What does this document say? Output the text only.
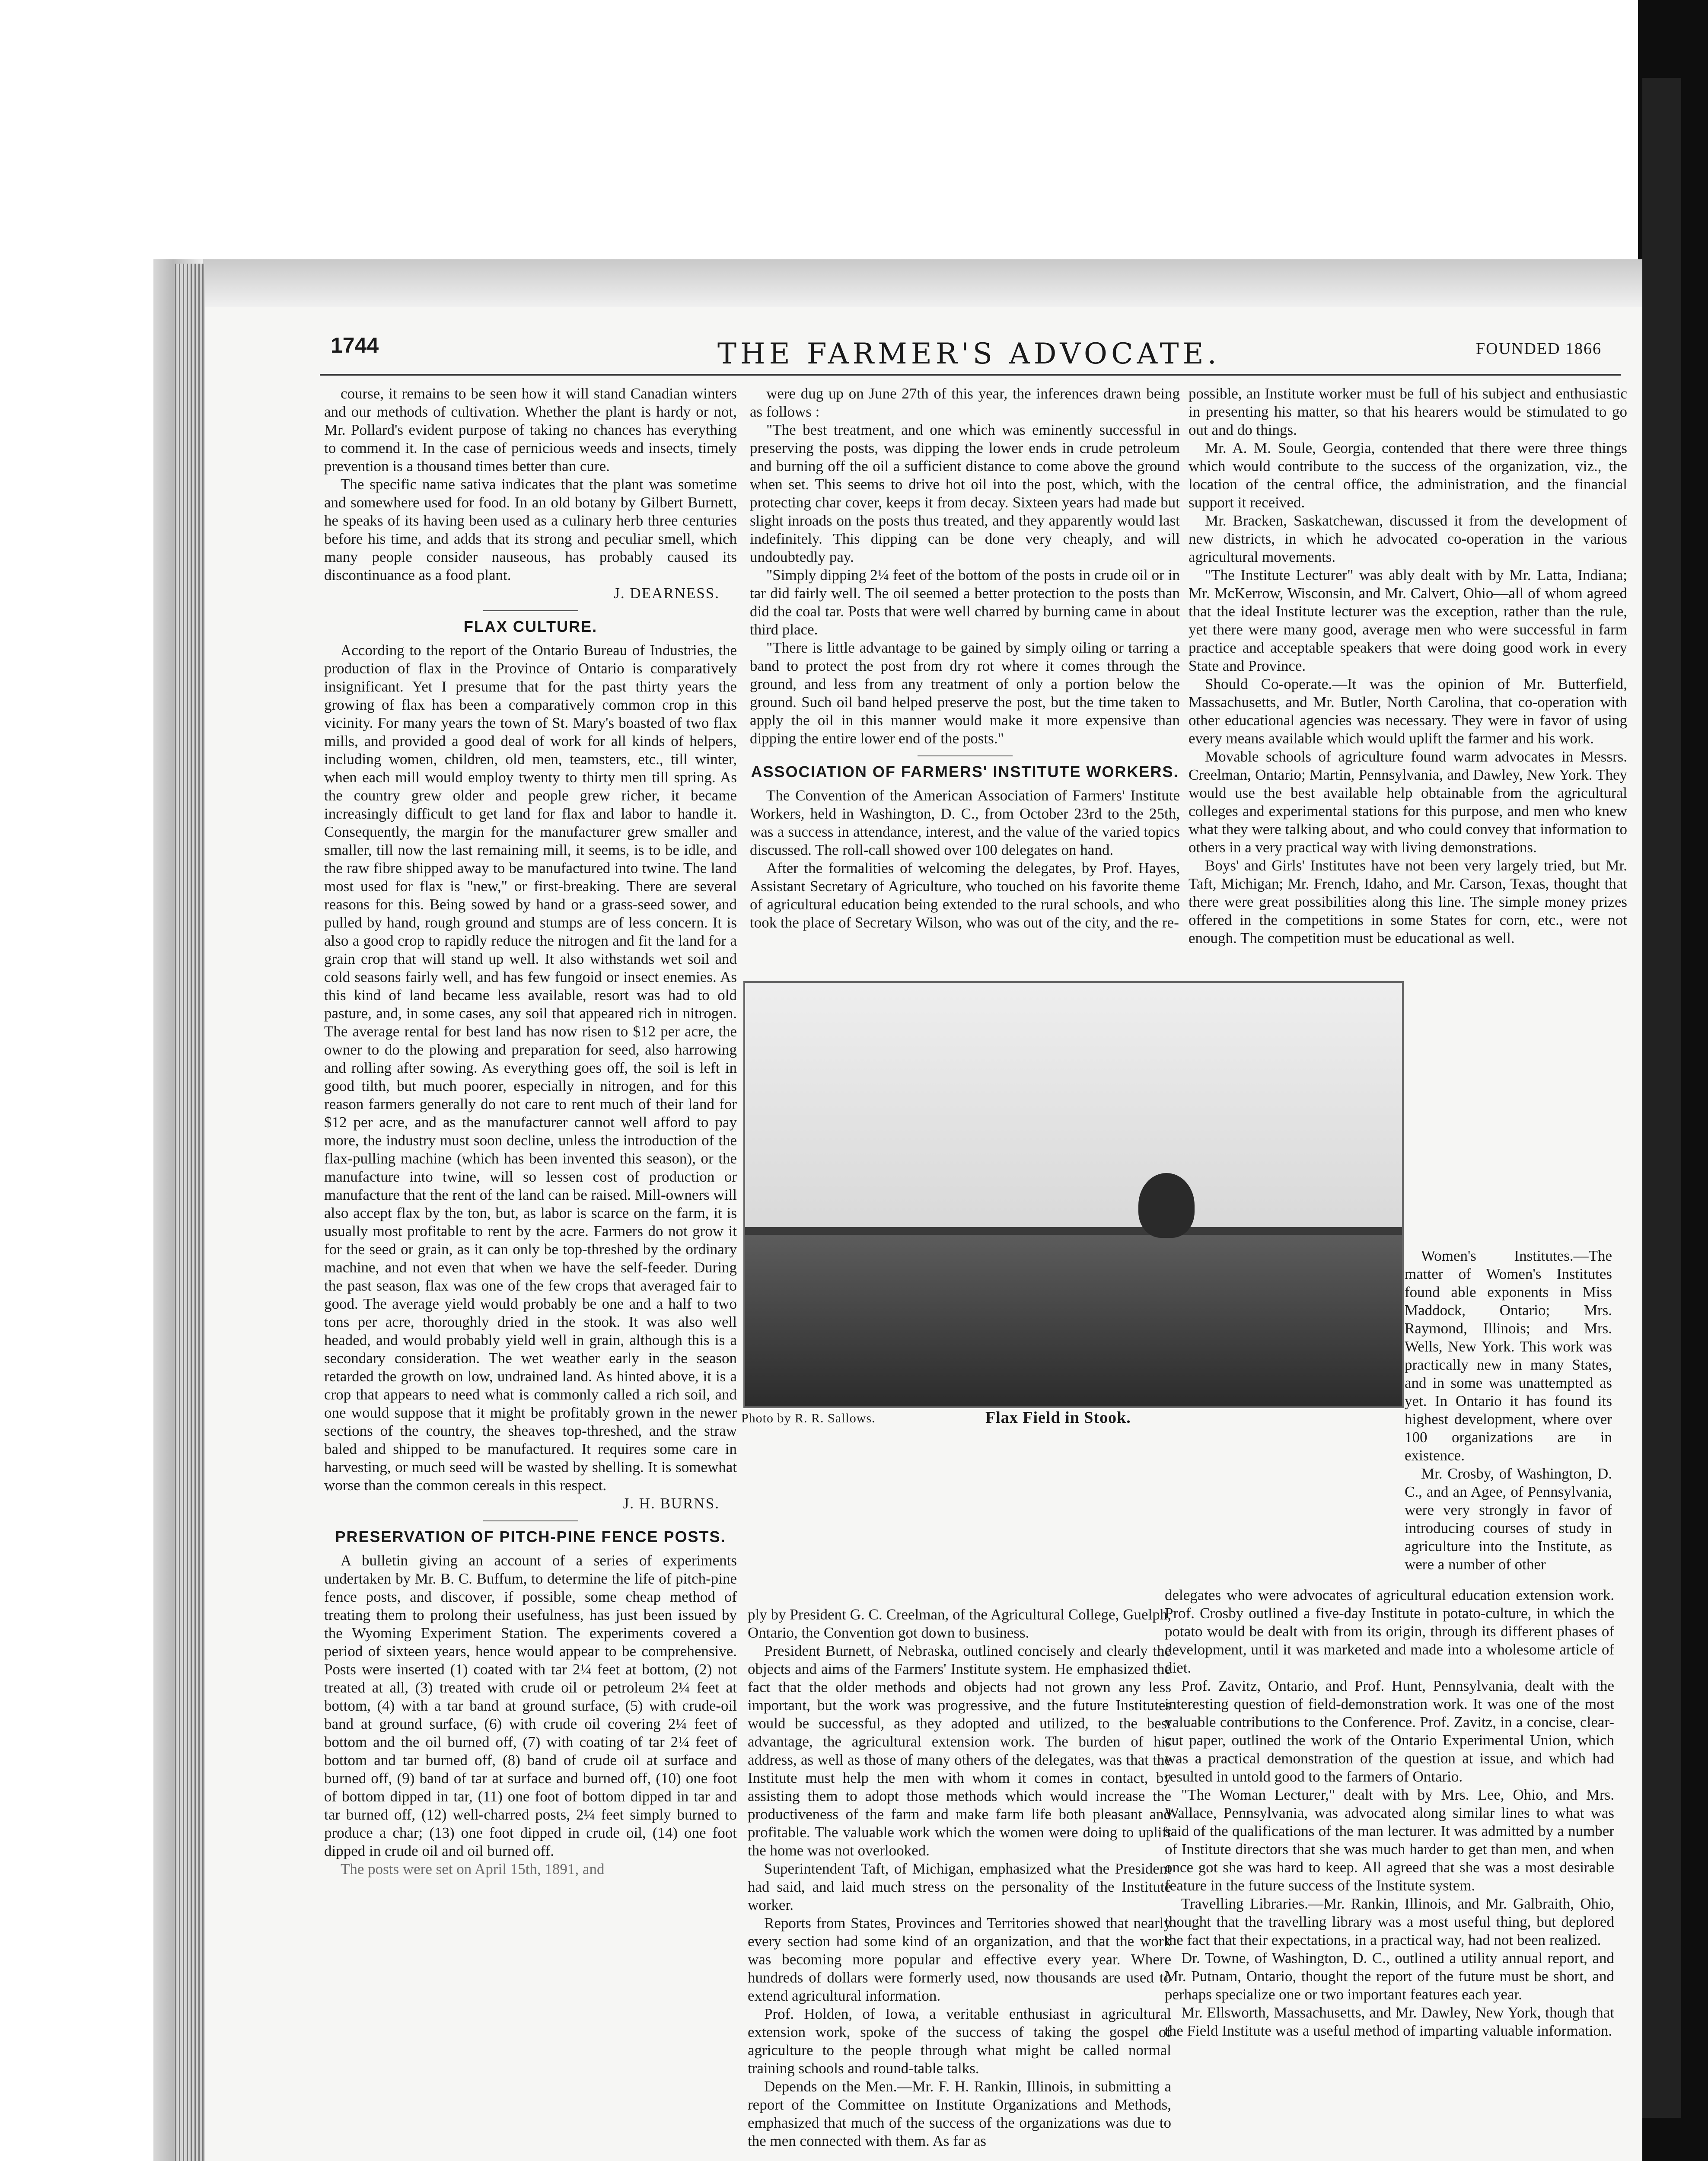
1744	THE FARMER'S ADVOCATE.	FOUNDED 1866

course, it remains to be seen how it will stand Canadian winters and our methods of cultivation. Whether the plant is hardy or not, Mr. Pollard's evident purpose of taking no chances has everything to commend it. In the case of pernicious weeds and insects, timely prevention is a thousand times better than cure.

The specific name sativa indicates that the plant was sometime and somewhere used for food. In an old botany by Gilbert Burnett, he speaks of its having been used as a culinary herb three centuries before his time, and adds that its strong and peculiar smell, which many people consider nauseous, has probably caused its discontinuance as a food plant.

J. DEARNESS.
FLAX CULTURE.

According to the report of the Ontario Bureau of Industries, the production of flax in the Province of Ontario is comparatively insignificant. Yet I presume that for the past thirty years the growing of flax has been a comparatively common crop in this vicinity. For many years the town of St. Mary's boasted of two flax mills, and provided a good deal of work for all kinds of helpers, including women, children, old men, teamsters, etc., till winter, when each mill would employ twenty to thirty men till spring. As the country grew older and people grew richer, it became increasingly difficult to get land for flax and labor to handle it. Consequently, the margin for the manufacturer grew smaller and smaller, till now the last remaining mill, it seems, is to be idle, and the raw fibre shipped away to be manufactured into twine. The land most used for flax is "new," or first-breaking. There are several reasons for this. Being sowed by hand or a grass-seed sower, and pulled by hand, rough ground and stumps are of less concern. It is also a good crop to rapidly reduce the nitrogen and fit the land for a grain crop that will stand up well. It also withstands wet soil and cold seasons fairly well, and has few fungoid or insect enemies. As this kind of land became less available, resort was had to old pasture, and, in some cases, any soil that appeared rich in nitrogen. The average rental for best land has now risen to $12 per acre, the owner to do the plowing and preparation for seed, also harrowing and rolling after sowing. As everything goes off, the soil is left in good tilth, but much poorer, especially in nitrogen, and for this reason farmers generally do not care to rent much of their land for $12 per acre, and as the manufacturer cannot well afford to pay more, the industry must soon decline, unless the introduction of the flax-pulling machine (which has been invented this season), or the manufacture into twine, will so lessen cost of production or manufacture that the rent of the land can be raised. Mill-owners will also accept flax by the ton, but, as labor is scarce on the farm, it is usually most profitable to rent by the acre. Farmers do not grow it for the seed or grain, as it can only be top-threshed by the ordinary machine, and not even that when we have the self-feeder. During the past season, flax was one of the few crops that averaged fair to good. The average yield would probably be one and a half to two tons per acre, thoroughly dried in the stook. It was also well headed, and would probably yield well in grain, although this is a secondary consideration. The wet weather early in the season retarded the growth on low, undrained land. As hinted above, it is a crop that appears to need what is commonly called a rich soil, and one would suppose that it might be profitably grown in the newer sections of the country, the sheaves top-threshed, and the straw baled and shipped to be manufactured. It requires some care in harvesting, or much seed will be wasted by shelling. It is somewhat worse than the common cereals in this respect.

J. H. BURNS.
PRESERVATION OF PITCH-PINE FENCE POSTS.

A bulletin giving an account of a series of experiments undertaken by Mr. B. C. Buffum, to determine the life of pitch-pine fence posts, and discover, if possible, some cheap method of treating them to prolong their usefulness, has just been issued by the Wyoming Experiment Station. The experiments covered a period of sixteen years, hence would appear to be comprehensive. Posts were inserted (1) coated with tar 2¼ feet at bottom, (2) not treated at all, (3) treated with crude oil or petroleum 2¼ feet at bottom, (4) with a tar band at ground surface, (5) with crude-oil band at ground surface, (6) with crude oil covering 2¼ feet of bottom and the oil burned off, (7) with coating of tar 2¼ feet of bottom and tar burned off, (8) band of crude oil at surface and burned off, (9) band of tar at surface and burned off, (10) one foot of bottom dipped in tar, (11) one foot of bottom dipped in tar and tar burned off, (12) well-charred posts, 2¼ feet simply burned to produce a char; (13) one foot dipped in crude oil, (14) one foot dipped in crude oil and oil burned off.

The posts were set on April 15th, 1891, and

were dug up on June 27th of this year, the inferences drawn being as follows :

"The best treatment, and one which was eminently successful in preserving the posts, was dipping the lower ends in crude petroleum and burning off the oil a sufficient distance to come above the ground when set. This seems to drive hot oil into the post, which, with the protecting char cover, keeps it from decay. Sixteen years had made but slight inroads on the posts thus treated, and they apparently would last indefinitely. This dipping can be done very cheaply, and will undoubtedly pay.

"Simply dipping 2¼ feet of the bottom of the posts in crude oil or in tar did fairly well. The oil seemed a better protection to the posts than did the coal tar. Posts that were well charred by burning came in about third place.

"There is little advantage to be gained by simply oiling or tarring a band to protect the post from dry rot where it comes through the ground, and less from any treatment of only a portion below the ground. Such oil band helped preserve the post, but the time taken to apply the oil in this manner would make it more expensive than dipping the entire lower end of the posts."

ASSOCIATION OF FARMERS' INSTITUTE WORKERS.

The Convention of the American Association of Farmers' Institute Workers, held in Washington, D. C., from October 23rd to the 25th, was a success in attendance, interest, and the value of the varied topics discussed. The roll-call showed over 100 delegates on hand.

After the formalities of welcoming the delegates, by Prof. Hayes, Assistant Secretary of Agriculture, who touched on his favorite theme of agricultural education being extended to the rural schools, and who took the place of Secretary Wilson, who was out of the city, and the re-

Photo by R. R. Sallows.	Flax Field in Stook.

ply by President G. C. Creelman, of the Agricultural College, Guelph, Ontario, the Convention got down to business.

President Burnett, of Nebraska, outlined concisely and clearly the objects and aims of the Farmers' Institute system. He emphasized the fact that the older methods and objects had not grown any less important, but the work was progressive, and the future Institutes would be successful, as they adopted and utilized, to the best advantage, the agricultural extension work. The burden of his address, as well as those of many others of the delegates, was that the Institute must help the men with whom it comes in contact, by assisting them to adopt those methods which would increase the productiveness of the farm and make farm life both pleasant and profitable. The valuable work which the women were doing to uplift the home was not overlooked.

Superintendent Taft, of Michigan, emphasized what the President had said, and laid much stress on the personality of the Institute worker.

Reports from States, Provinces and Territories showed that nearly every section had some kind of an organization, and that the work was becoming more popular and effective every year. Where hundreds of dollars were formerly used, now thousands are used to extend agricultural information.

Prof. Holden, of Iowa, a veritable enthusiast in agricultural extension work, spoke of the success of taking the gospel of agriculture to the people through what might be called normal training schools and round-table talks.

Depends on the Men.—Mr. F. H. Rankin, Illinois, in submitting a report of the Committee on Institute Organizations and Methods, emphasized that much of the success of the organizations was due to the men connected with them. As far as

possible, an Institute worker must be full of his subject and enthusiastic in presenting his matter, so that his hearers would be stimulated to go out and do things.

Mr. A. M. Soule, Georgia, contended that there were three things which would contribute to the success of the organization, viz., the location of the central office, the administration, and the financial support it received.

Mr. Bracken, Saskatchewan, discussed it from the development of new districts, in which he advocated co-operation in the various agricultural movements.

"The Institute Lecturer" was ably dealt with by Mr. Latta, Indiana; Mr. McKerrow, Wisconsin, and Mr. Calvert, Ohio—all of whom agreed that the ideal Institute lecturer was the exception, rather than the rule, yet there were many good, average men who were successful in farm practice and acceptable speakers that were doing good work in every State and Province.

Should Co-operate.—It was the opinion of Mr. Butterfield, Massachusetts, and Mr. Butler, North Carolina, that co-operation with other educational agencies was necessary. They were in favor of using every means available which would uplift the farmer and his work.

Movable schools of agriculture found warm advocates in Messrs. Creelman, Ontario; Martin, Pennsylvania, and Dawley, New York. They would use the best available help obtainable from the agricultural colleges and experimental stations for this purpose, and men who knew what they were talking about, and who could convey that information to others in a very practical way with living demonstrations.

Boys' and Girls' Institutes have not been very largely tried, but Mr. Taft, Michigan; Mr. French, Idaho, and Mr. Carson, Texas, thought that there were great possibilities along this line. The simple money prizes offered in the competitions in some States for corn, etc., were not enough. The competition must be educational as well.

Women's Institutes.—The matter of Women's Institutes found able exponents in Miss Maddock, Ontario; Mrs. Raymond, Illinois; and Mrs. Wells, New York. This work was practically new in many States, and in some was unattempted as yet. In Ontario it has found its highest development, where over 100 organizations are in existence.

Mr. Crosby, of Washington, D. C., and an Agee, of Pennsylvania, were very strongly in favor of introducing courses of study in agriculture into the Institute, as were a number of other

delegates who were advocates of agricultural education extension work. Prof. Crosby outlined a five-day Institute in potato-culture, in which the potato would be dealt with from its origin, through its different phases of development, until it was marketed and made into a wholesome article of diet.

Prof. Zavitz, Ontario, and Prof. Hunt, Pennsylvania, dealt with the interesting question of field-demonstration work. It was one of the most valuable contributions to the Conference. Prof. Zavitz, in a concise, clear-cut paper, outlined the work of the Ontario Experimental Union, which was a practical demonstration of the question at issue, and which had resulted in untold good to the farmers of Ontario.

"The Woman Lecturer," dealt with by Mrs. Lee, Ohio, and Mrs. Wallace, Pennsylvania, was advocated along similar lines to what was said of the qualifications of the man lecturer. It was admitted by a number of Institute directors that she was much harder to get than men, and when once got she was hard to keep. All agreed that she was a most desirable feature in the future success of the Institute system.

Travelling Libraries.—Mr. Rankin, Illinois, and Mr. Galbraith, Ohio, thought that the travelling library was a most useful thing, but deplored the fact that their expectations, in a practical way, had not been realized.

Dr. Towne, of Washington, D. C., outlined a utility annual report, and Mr. Putnam, Ontario, thought the report of the future must be short, and perhaps specialize one or two important features each year.

Mr. Ellsworth, Massachusetts, and Mr. Dawley, New York, though that the Field Institute was a useful method of imparting valuable information.
